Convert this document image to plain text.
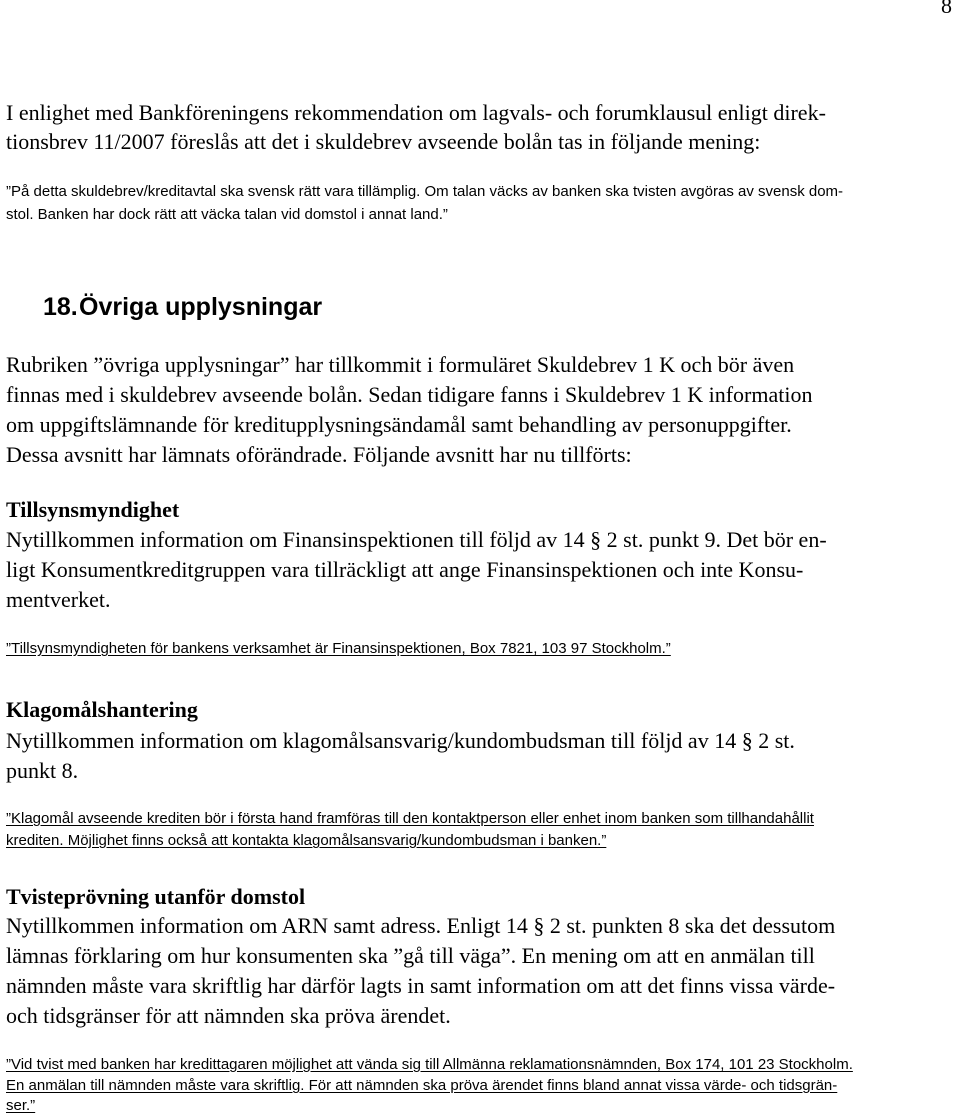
8
I enlighet med Bankföreningens rekommendation om lagvals- och forumklausul enligt direk-
tionsbrev 11/2007 föreslås att det i skuldebrev avseende bolån tas in följande mening:
”På detta skuldebrev/kreditavtal ska svensk rätt vara tillämplig. Om talan väcks av banken ska tvisten avgöras av svensk dom-
stol. Banken har dock rätt att väcka talan vid domstol i annat land.”
18. Övriga upplysningar
Rubriken ”övriga upplysningar” har tillkommit i formuläret Skuldebrev 1 K och bör även
finnas med i skuldebrev avseende bolån. Sedan tidigare fanns i Skuldebrev 1 K information
om uppgiftslämnande för kreditupplysningsändamål samt behandling av personuppgifter.
Dessa avsnitt har lämnats oförändrade. Följande avsnitt har nu tillförts:
Tillsynsmyndighet
Nytillkommen information om Finansinspektionen till följd av 14 § 2 st. punkt 9. Det bör en-
ligt Konsumentkreditgruppen vara tillräckligt att ange Finansinspektionen och inte Konsu-
mentverket.
”Tillsynsmyndigheten för bankens verksamhet är Finansinspektionen, Box 7821, 103 97 Stockholm.”
Klagomålshantering
Nytillkommen information om klagomålsansvarig/kundombudsman till följd av 14 § 2 st.
punkt 8.
”Klagomål avseende krediten bör i första hand framföras till den kontaktperson eller enhet inom banken som tillhandahållit
krediten. Möjlighet finns också att kontakta klagomålsansvarig/kundombudsman i banken.”
Tvisteprövning utanför domstol
Nytillkommen information om ARN samt adress. Enligt 14 § 2 st. punkten 8 ska det dessutom
lämnas förklaring om hur konsumenten ska ”gå till väga”. En mening om att en anmälan till
nämnden måste vara skriftlig har därför lagts in samt information om att det finns vissa värde-
och tidsgränser för att nämnden ska pröva ärendet.
”Vid tvist med banken har kredittagaren möjlighet att vända sig till Allmänna reklamationsnämnden, Box 174, 101 23 Stockholm.
En anmälan till nämnden måste vara skriftlig. För att nämnden ska pröva ärendet finns bland annat vissa värde- och tidsgrän-
ser.”
